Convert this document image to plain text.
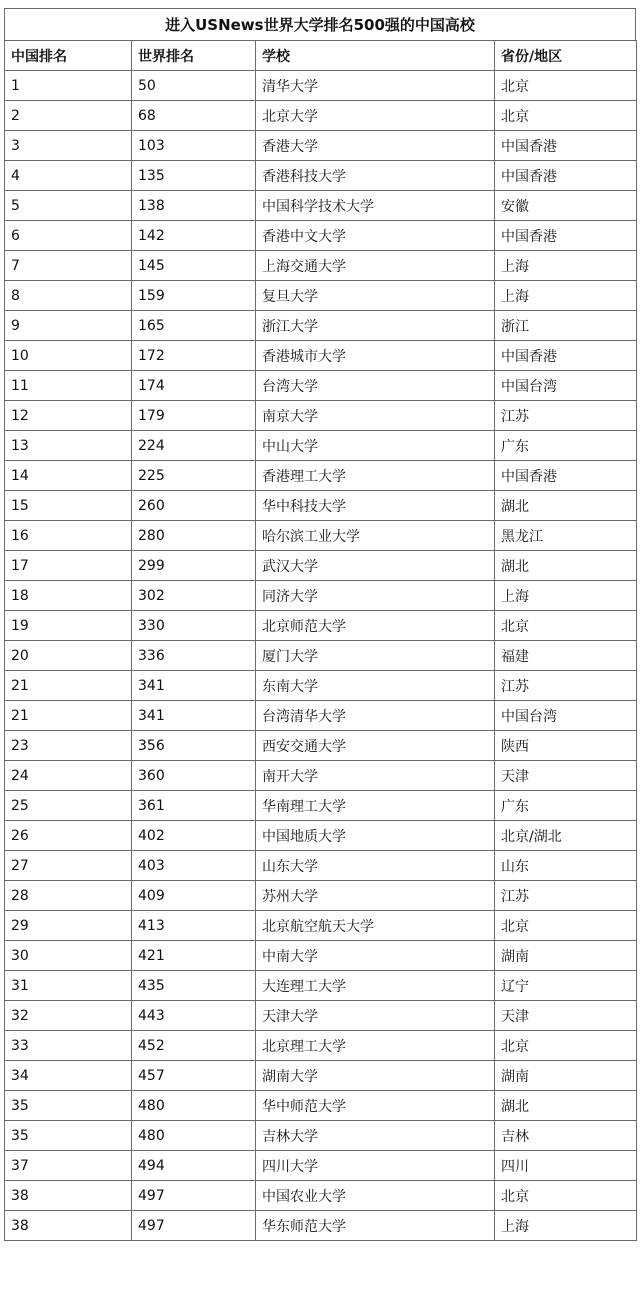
进入USNews世界大学排名500强的中国高校
中国排名	世界排名	学校	省份/地区
1	50	清华大学	北京
2	68	北京大学	北京
3	103	香港大学	中国香港
4	135	香港科技大学	中国香港
5	138	中国科学技术大学	安徽
6	142	香港中文大学	中国香港
7	145	上海交通大学	上海
8	159	复旦大学	上海
9	165	浙江大学	浙江
10	172	香港城市大学	中国香港
11	174	台湾大学	中国台湾
12	179	南京大学	江苏
13	224	中山大学	广东
14	225	香港理工大学	中国香港
15	260	华中科技大学	湖北
16	280	哈尔滨工业大学	黑龙江
17	299	武汉大学	湖北
18	302	同济大学	上海
19	330	北京师范大学	北京
20	336	厦门大学	福建
21	341	东南大学	江苏
21	341	台湾清华大学	中国台湾
23	356	西安交通大学	陕西
24	360	南开大学	天津
25	361	华南理工大学	广东
26	402	中国地质大学	北京/湖北
27	403	山东大学	山东
28	409	苏州大学	江苏
29	413	北京航空航天大学	北京
30	421	中南大学	湖南
31	435	大连理工大学	辽宁
32	443	天津大学	天津
33	452	北京理工大学	北京
34	457	湖南大学	湖南
35	480	华中师范大学	湖北
35	480	吉林大学	吉林
37	494	四川大学	四川
38	497	中国农业大学	北京
38	497	华东师范大学	上海
